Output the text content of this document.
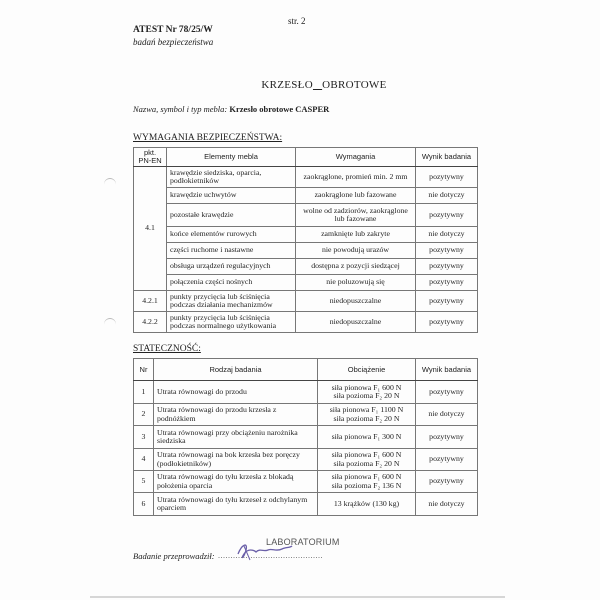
str. 2
ATEST Nr 78/25/W
badań bezpieczeństwa
KRZESŁO OBROTOWE
Nazwa, symbol i typ mebla: Krzesło obrotowe CASPER
WYMAGANIA BEZPIECZEŃSTWA:
pkt. PN-EN	Elementy mebla	Wymagania	Wynik badania
4.1	krawędzie siedziska, oparcia, podłokietników	zaokrąglone, promień min. 2 mm	pozytywny
	krawędzie uchwytów	zaokrąglone lub fazowane	nie dotyczy
	pozostałe krawędzie	wolne od zadziorów, zaokrąglone lub fazowane	pozytywny
	końce elementów rurowych	zamknięte lub zakryte	nie dotyczy
	części ruchome i nastawne	nie powodują urazów	pozytywny
	obsługa urządzeń regulacyjnych	dostępna z pozycji siedzącej	pozytywny
	połączenia części nośnych	nie poluzowują się	pozytywny
4.2.1	punkty przycięcia lub ściśnięcia podczas działania mechanizmów	niedopuszczalne	pozytywny
4.2.2	punkty przycięcia lub ściśnięcia podczas normalnego użytkowania	niedopuszczalne	pozytywny
STATECZNOŚĆ:
Nr	Rodzaj badania	Obciążenie	Wynik badania
1	Utrata równowagi do przodu	siła pionowa F₁ 600 N
siła pozioma F₂ 20 N	pozytywny
2	Utrata równowagi do przodu krzesła z podnóżkiem	siła pionowa F₁ 1100 N
siła pozioma F₂ 20 N	nie dotyczy
3	Utrata równowagi przy obciążeniu narożnika siedziska	siła pionowa F₁ 300 N	pozytywny
4	Utrata równowagi na bok krzesła bez poręczy (podłokietników)	siła pionowa F₁ 600 N
siła pozioma F₂ 20 N	pozytywny
5	Utrata równowagi do tyłu krzesła z blokadą położenia oparcia	siła pionowa F₁ 600 N
siła pozioma F₂ 136 N	pozytywny
6	Utrata równowagi do tyłu krzeseł z odchylanym oparciem	13 krążków (130 kg)	nie dotyczy
LABORATORIUM
Badanie przeprowadził: ..........................................
